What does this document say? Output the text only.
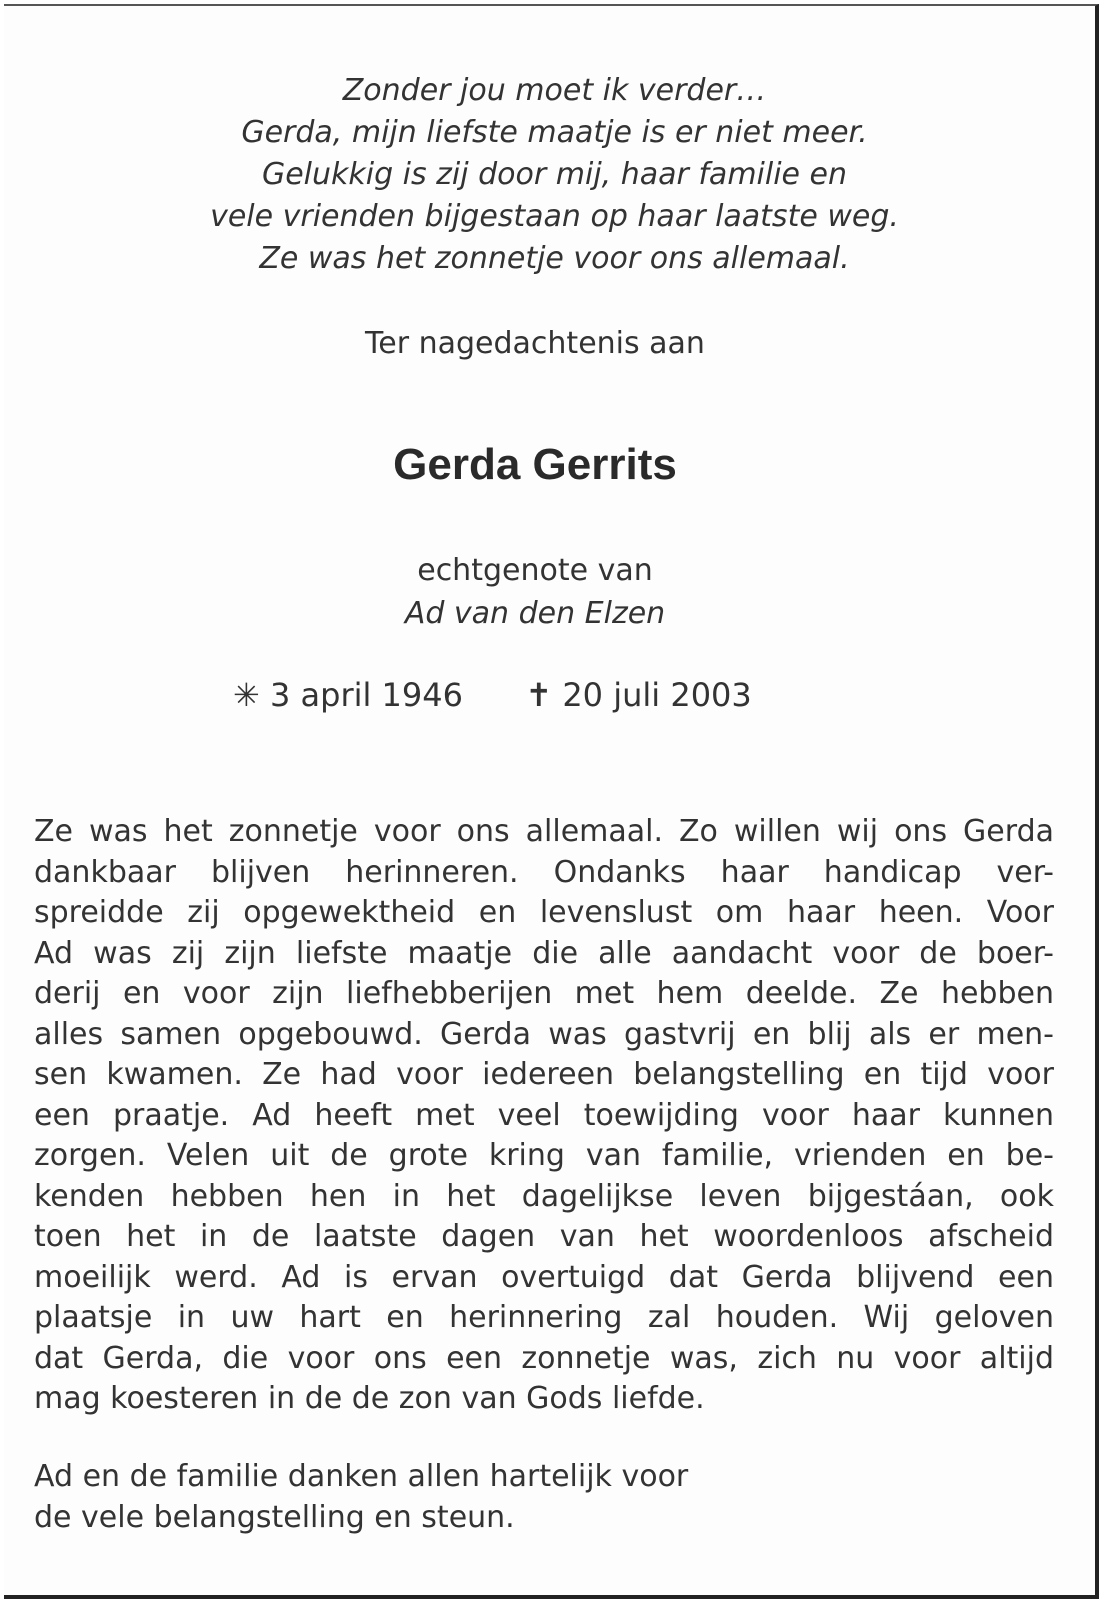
Zonder jou moet ik verder…
Gerda, mijn liefste maatje is er niet meer.
Gelukkig is zij door mij, haar familie en
vele vrienden bijgestaan op haar laatste weg.
Ze was het zonnetje voor ons allemaal.
Ter nagedachtenis aan
Gerda Gerrits
echtgenote van
Ad van den Elzen
✳ 3 april 1946 ✝ 20 juli 2003
Ze was het zonnetje voor ons allemaal. Zo willen wij ons Gerda
dankbaar blijven herinneren. Ondanks haar handicap ver-
spreidde zij opgewektheid en levenslust om haar heen. Voor
Ad was zij zijn liefste maatje die alle aandacht voor de boer-
derij en voor zijn liefhebberijen met hem deelde. Ze hebben
alles samen opgebouwd. Gerda was gastvrij en blij als er men-
sen kwamen. Ze had voor iedereen belangstelling en tijd voor
een praatje. Ad heeft met veel toewijding voor haar kunnen
zorgen. Velen uit de grote kring van familie, vrienden en be-
kenden hebben hen in het dagelijkse leven bijgestáan, ook
toen het in de laatste dagen van het woordenloos afscheid
moeilijk werd. Ad is ervan overtuigd dat Gerda blijvend een
plaatsje in uw hart en herinnering zal houden. Wij geloven
dat Gerda, die voor ons een zonnetje was, zich nu voor altijd
mag koesteren in de de zon van Gods liefde.
Ad en de familie danken allen hartelijk voor
de vele belangstelling en steun.
